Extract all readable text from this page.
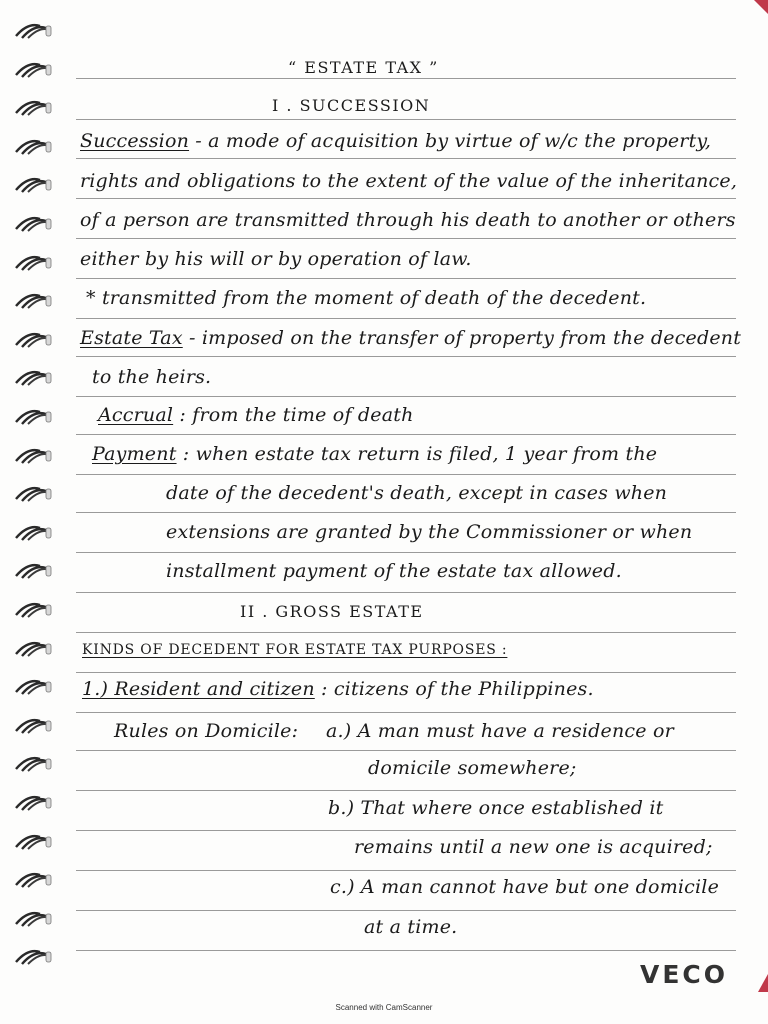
“ ESTATE TAX ”
I . SUCCESSION
Succession - a mode of acquisition by virtue of w/c the property,
rights and obligations to the extent of the value of the inheritance,
of a person are transmitted through his death to another or others
either by his will or by operation of law.
* transmitted from the moment of death of the decedent.
Estate Tax - imposed on the transfer of property from the decedent
to the heirs.
Accrual : from the time of death
Payment : when estate tax return is filed, 1 year from the
date of the decedent's death, except in cases when
extensions are granted by the Commissioner or when
installment payment of the estate tax allowed.
II . GROSS ESTATE
KINDS OF DECEDENT FOR ESTATE TAX PURPOSES :
1.) Resident and citizen : citizens of the Philippines.
Rules on Domicile:	a.) A man must have a residence or
domicile somewhere;
b.) That where once established it
remains until a new one is acquired;
c.) A man cannot have but one domicile
at a time.
VECO
Scanned with CamScanner
